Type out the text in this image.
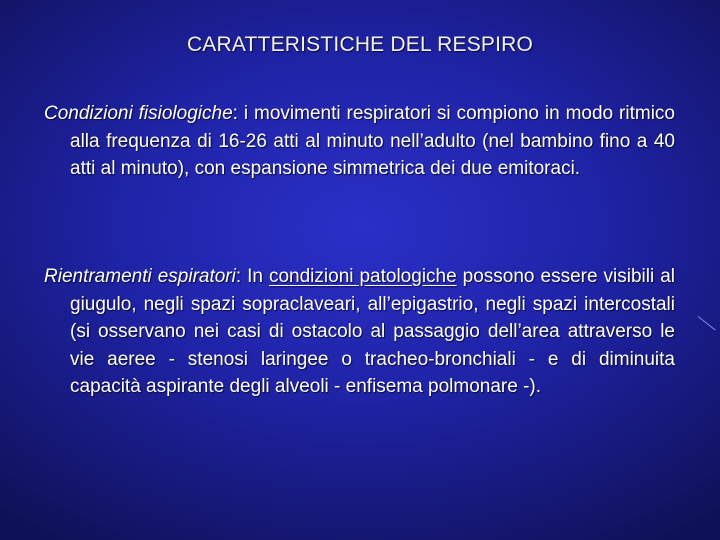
CARATTERISTICHE DEL RESPIRO
Condizioni fisiologiche: i movimenti respiratori si compiono in modo ritmico alla frequenza di 16-26 atti al minuto nell’adulto (nel bambino fino a 40 atti al minuto), con espansione simmetrica dei due emitoraci.
Rientramenti espiratori: In condizioni patologiche possono essere visibili al giugulo, negli spazi sopraclaveari, all’epigastrio, negli spazi intercostali (si osservano nei casi di ostacolo al passaggio dell’area attraverso le vie aeree - stenosi laringee o tracheo-bronchiali - e di diminuita capacità aspirante degli alveoli - enfisema polmonare -).
